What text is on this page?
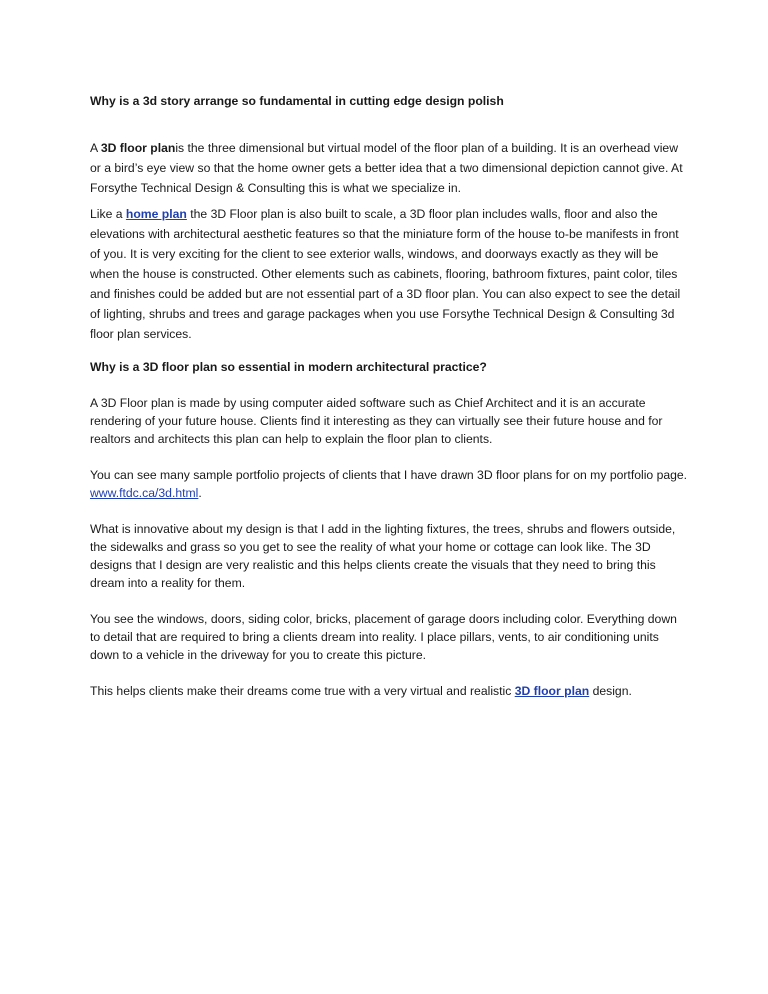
Why is a 3d story arrange so fundamental in cutting edge design polish

A 3D floor planis the three dimensional but virtual model of the floor plan of a building. It is an overhead view or a bird’s eye view so that the home owner gets a better idea that a two dimensional depiction cannot give. At Forsythe Technical Design & Consulting this is what we specialize in.

Like a home plan the 3D Floor plan is also built to scale, a 3D floor plan includes walls, floor and also the elevations with architectural aesthetic features so that the miniature form of the house to-be manifests in front of you. It is very exciting for the client to see exterior walls, windows, and doorways exactly as they will be when the house is constructed. Other elements such as cabinets, flooring, bathroom fixtures, paint color, tiles and finishes could be added but are not essential part of a 3D floor plan. You can also expect to see the detail of lighting, shrubs and trees and garage packages when you use Forsythe Technical Design & Consulting 3d floor plan services.

Why is a 3D floor plan so essential in modern architectural practice?

A 3D Floor plan is made by using computer aided software such as Chief Architect and it is an accurate rendering of your future house. Clients find it interesting as they can virtually see their future house and for realtors and architects this plan can help to explain the floor plan to clients.

You can see many sample portfolio projects of clients that I have drawn 3D floor plans for on my portfolio page. www.ftdc.ca/3d.html.

What is innovative about my design is that I add in the lighting fixtures, the trees, shrubs and flowers outside, the sidewalks and grass so you get to see the reality of what your home or cottage can look like. The 3D designs that I design are very realistic and this helps clients create the visuals that they need to bring this dream into a reality for them.

You see the windows, doors, siding color, bricks, placement of garage doors including color. Everything down to detail that are required to bring a clients dream into reality. I place pillars, vents, to air conditioning units down to a vehicle in the driveway for you to create this picture.

This helps clients make their dreams come true with a very virtual and realistic 3D floor plan design.
